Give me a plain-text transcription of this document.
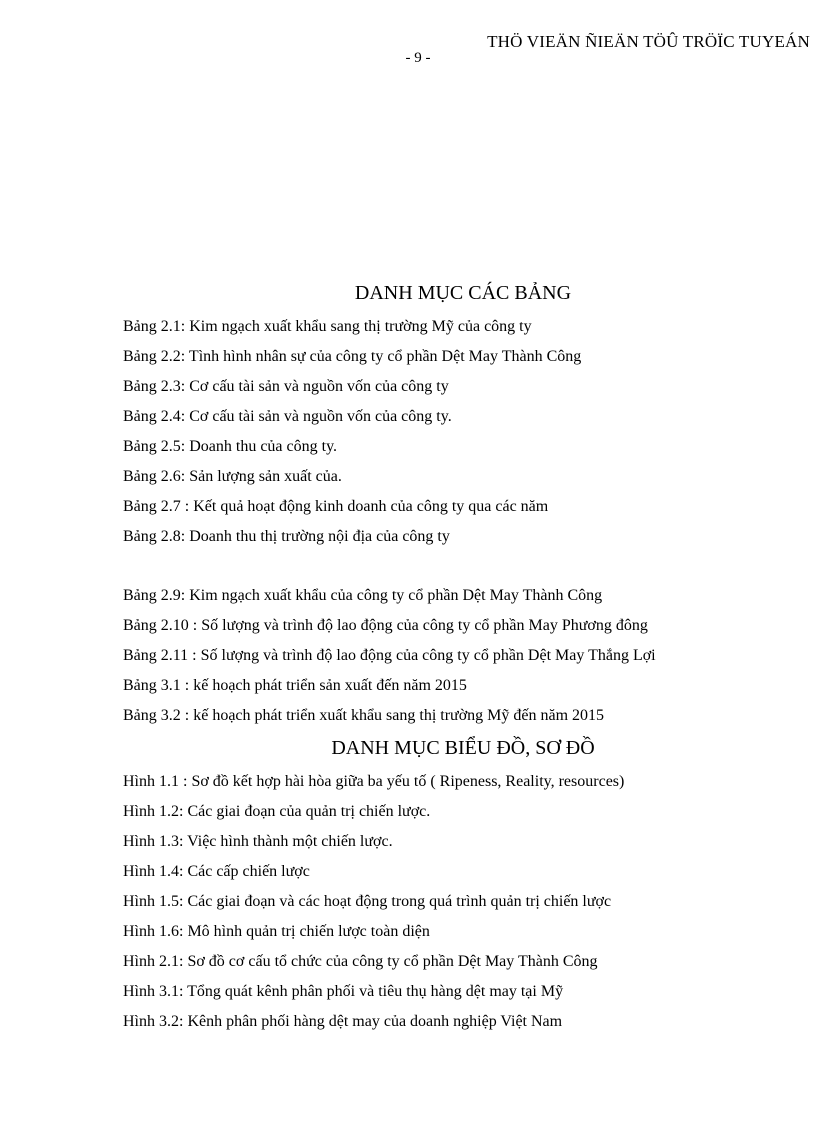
THÖ VIEÄN ÑIEÄN TÖÛ TRÖÏC TUYEÁN
- 9 -
DANH MỤC CÁC BẢNG
Bảng 2.1: Kim ngạch xuất khẩu sang thị trường Mỹ của công ty
Bảng 2.2: Tình hình nhân sự của công ty cổ phần Dệt May Thành Công
Bảng 2.3: Cơ cấu tài sản và nguồn vốn của công ty
Bảng 2.4: Cơ cấu tài sản và nguồn vốn của công ty.
Bảng 2.5: Doanh thu của công ty.
Bảng 2.6: Sản lượng sản xuất của.
Bảng 2.7 : Kết quả hoạt động kinh doanh của công ty qua các năm
Bảng 2.8: Doanh thu thị trường nội địa của công ty
Bảng 2.9: Kim ngạch xuất khẩu của công ty cổ phần Dệt May Thành Công
Bảng 2.10 : Số lượng và trình độ lao động của công ty cổ phần May Phương đông
Bảng 2.11 : Số lượng và trình độ lao động của công ty cổ phần Dệt May Thắng Lợi
Bảng 3.1 : kế hoạch phát triển sản xuất đến năm 2015
Bảng 3.2 : kế hoạch phát triển xuất khẩu sang thị trường Mỹ đến năm 2015
DANH MỤC BIỂU ĐỒ, SƠ ĐỒ
Hình 1.1 : Sơ đồ kết hợp hài hòa giữa ba yếu tố ( Ripeness, Reality, resources)
Hình 1.2: Các giai đoạn của quản trị chiến lược.
Hình 1.3: Việc hình thành một chiến lược.
Hình 1.4: Các cấp chiến lược
Hình 1.5: Các giai đoạn và các hoạt động trong quá trình quản trị chiến lược
Hình 1.6: Mô hình quản trị chiến lược toàn diện
Hình 2.1: Sơ đồ cơ cấu tổ chức của công ty cổ phần Dệt May Thành Công
Hình 3.1: Tổng quát kênh phân phối và tiêu thụ hàng dệt may tại Mỹ
Hình 3.2: Kênh phân phối hàng dệt may của doanh nghiệp Việt Nam
